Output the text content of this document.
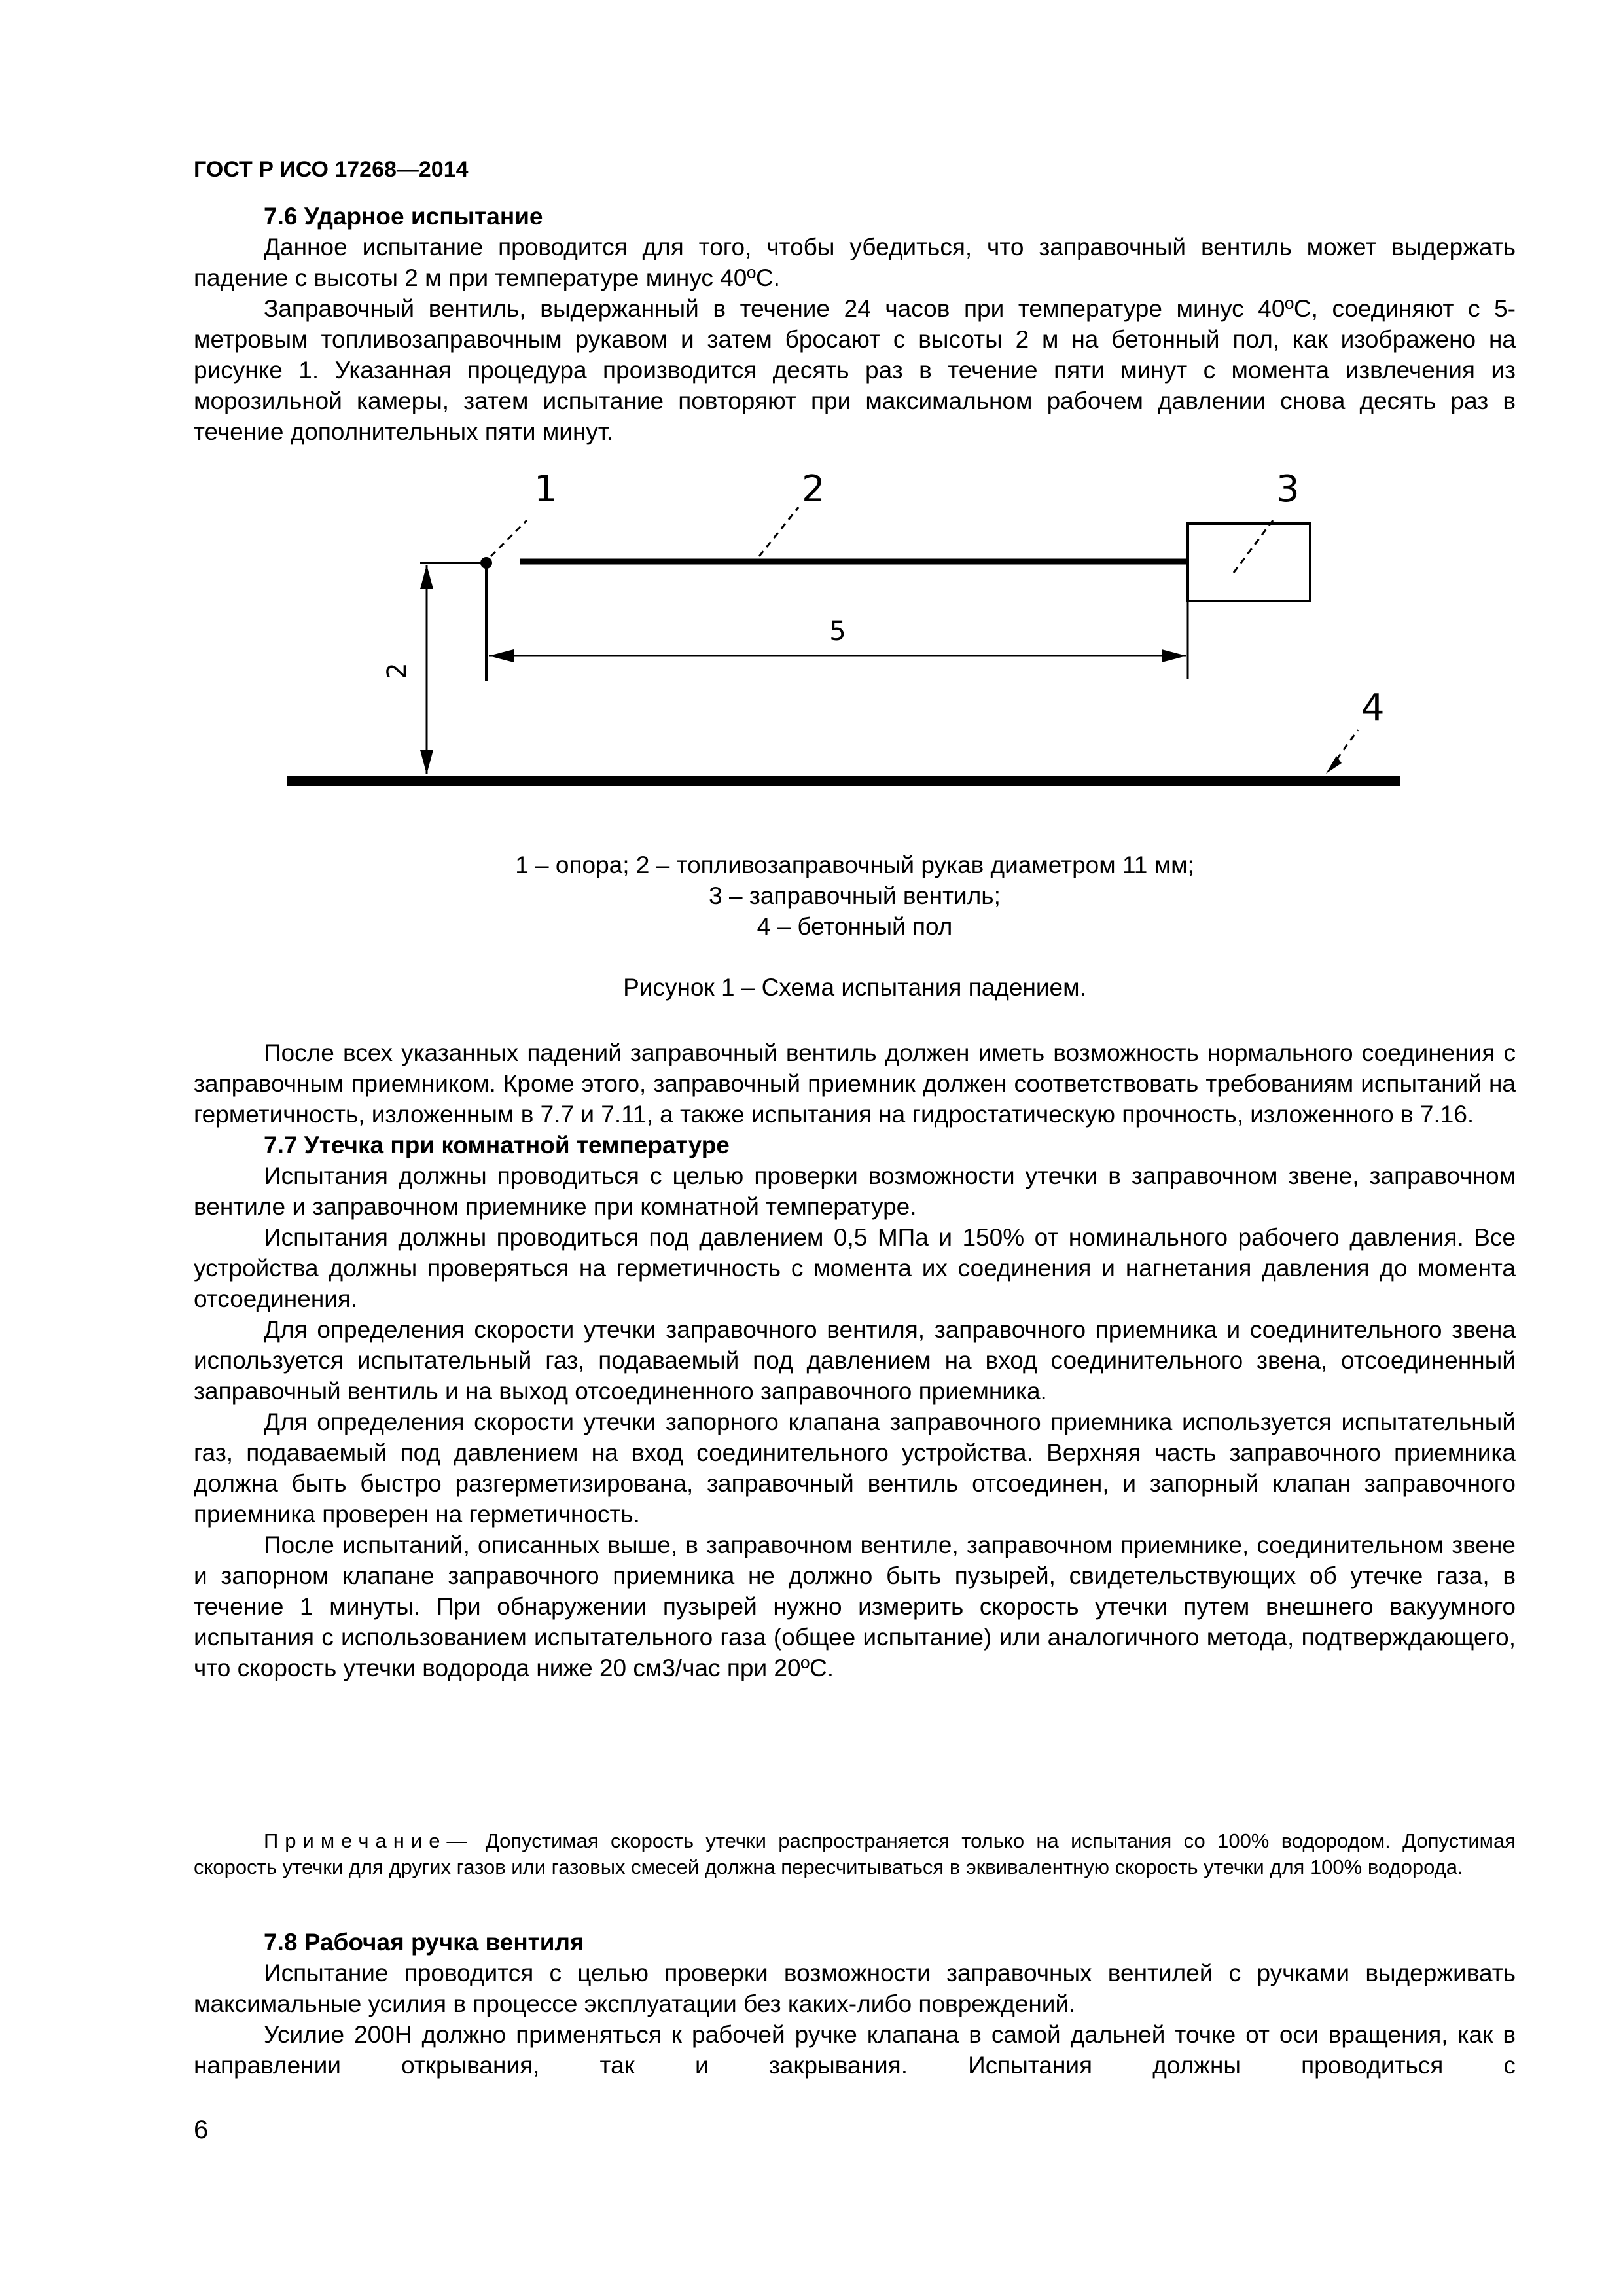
ГОСТ Р ИСО 17268—2014
7.6 Ударное испытание

Данное испытание проводится для того, чтобы убедиться, что заправочный вентиль может выдержать падение с высоты 2 м при температуре минус 40ºС.

Заправочный вентиль, выдержанный в течение 24 часов при температуре минус 40ºС, соединяют с 5-метровым топливозаправочным рукавом и затем бросают с высоты 2 м на бетонный пол, как изображено на рисунке 1. Указанная процедура производится десять раз в течение пяти минут с момента извлечения из морозильной камеры, затем испытание повторяют при максимальном рабочем давлении снова десять раз в течение дополнительных пяти минут.

5
2
1	2	3
4
1 – опора; 2 – топливозаправочный рукав диаметром 11 мм;
3 – заправочный вентиль;
4 – бетонный пол
Рисунок 1 – Схема испытания падением.

После всех указанных падений заправочный вентиль должен иметь возможность нормального соединения с заправочным приемником. Кроме этого, заправочный приемник должен соответствовать требованиям испытаний на герметичность, изложенным в 7.7 и 7.11, а также испытания на гидростатическую прочность, изложенного в 7.16.

7.7 Утечка при комнатной температуре

Испытания должны проводиться с целью проверки возможности утечки в заправочном звене, заправочном вентиле и заправочном приемнике при комнатной температуре.

Испытания должны проводиться под давлением 0,5 МПа и 150% от номинального рабочего давления. Все устройства должны проверяться на герметичность с момента их соединения и нагнетания давления до момента отсоединения.

Для определения скорости утечки заправочного вентиля, заправочного приемника и соединительного звена используется испытательный газ, подаваемый под давлением на вход соединительного звена, отсоединенный заправочный вентиль и на выход отсоединенного заправочного приемника.

Для определения скорости утечки запорного клапана заправочного приемника используется испытательный газ, подаваемый под давлением на вход соединительного устройства. Верхняя часть заправочного приемника должна быть быстро разгерметизирована, заправочный вентиль отсоединен, и запорный клапан заправочного приемника проверен на герметичность.

После испытаний, описанных выше, в заправочном вентиле, заправочном приемнике, соединительном звене и запорном клапане заправочного приемника не должно быть пузырей, свидетельствующих об утечке газа, в течение 1 минуты. При обнаружении пузырей нужно измерить скорость утечки путем внешнего вакуумного испытания с использованием испытательного газа (общее испытание) или аналогичного метода, подтверждающего, что скорость утечки водорода ниже 20 см3/час при 20ºС.

Примечание— Допустимая скорость утечки распространяется только на испытания со 100% водородом. Допустимая скорость утечки для других газов или газовых смесей должна пересчитываться в эквивалентную скорость утечки для 100% водорода.
7.8 Рабочая ручка вентиля

Испытание проводится с целью проверки возможности заправочных вентилей с ручками выдерживать максимальные усилия в процессе эксплуатации без каких-либо повреждений.

Усилие 200Н должно применяться к рабочей ручке клапана в самой дальней точке от оси вращения, как в направлении открывания, так и закрывания. Испытания должны проводиться с

6
